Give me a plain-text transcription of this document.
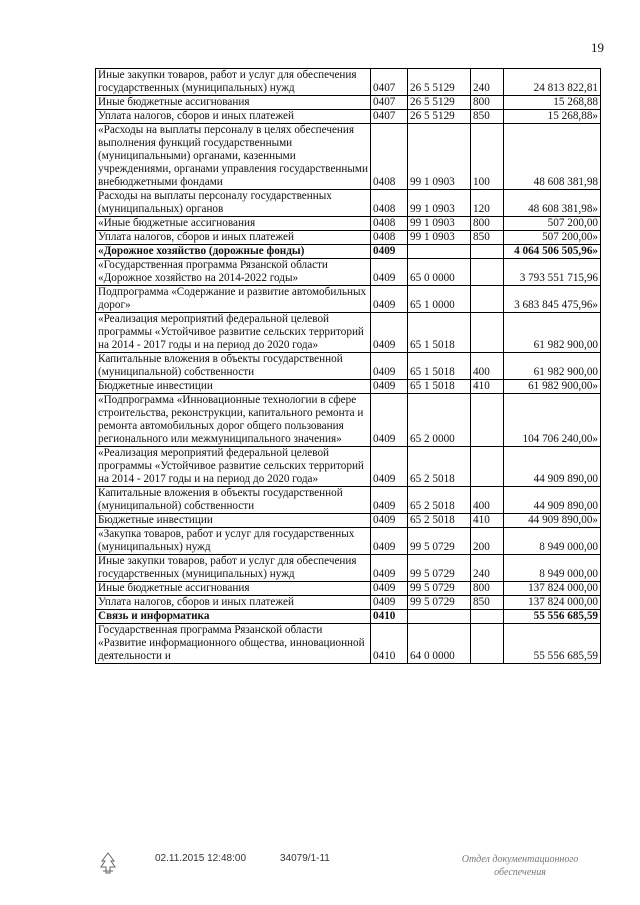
19
Иные закупки товаров, работ и услуг для обеспечения государственных (муниципальных) нужд	0407	26 5 5129	240	24 813 822,81
Иные бюджетные ассигнования	0407	26 5 5129	800	15 268,88
Уплата налогов, сборов и иных платежей	0407	26 5 5129	850	15 268,88»
«Расходы на выплаты персоналу в целях обеспечения выполнения функций государственными (муниципальными) органами, казенными учреждениями, органами управления государственными внебюджетными фондами	0408	99 1 0903	100	48 608 381,98
Расходы на выплаты персоналу государственных (муниципальных) органов	0408	99 1 0903	120	48 608 381,98»
«Иные бюджетные ассигнования	0408	99 1 0903	800	507 200,00
Уплата налогов, сборов и иных платежей	0408	99 1 0903	850	507 200,00»
«Дорожное хозяйство (дорожные фонды)	0409			4 064 506 505,96»
«Государственная программа Рязанской области «Дорожное хозяйство на 2014-2022 годы»	0409	65 0 0000		3 793 551 715,96
Подпрограмма «Содержание и развитие автомобильных дорог»	0409	65 1 0000		3 683 845 475,96»
«Реализация мероприятий федеральной целевой программы «Устойчивое развитие сельских территорий на 2014 - 2017 годы и на период до 2020 года»	0409	65 1 5018		61 982 900,00
Капитальные вложения в объекты государственной (муниципальной) собственности	0409	65 1 5018	400	61 982 900,00
Бюджетные инвестиции	0409	65 1 5018	410	61 982 900,00»
«Подпрограмма «Инновационные технологии в сфере строительства, реконструкции, капитального ремонта и ремонта автомобильных дорог общего пользования регионального или межмуниципального значения»	0409	65 2 0000		104 706 240,00»
«Реализация мероприятий федеральной целевой программы «Устойчивое развитие сельских территорий на 2014 - 2017 годы и на период до 2020 года»	0409	65 2 5018		44 909 890,00
Капитальные вложения в объекты государственной (муниципальной) собственности	0409	65 2 5018	400	44 909 890,00
Бюджетные инвестиции	0409	65 2 5018	410	44 909 890,00»
«Закупка товаров, работ и услуг для государственных (муниципальных) нужд	0409	99 5 0729	200	8 949 000,00
Иные закупки товаров, работ и услуг для обеспечения государственных (муниципальных) нужд	0409	99 5 0729	240	8 949 000,00
Иные бюджетные ассигнования	0409	99 5 0729	800	137 824 000,00
Уплата налогов, сборов и иных платежей	0409	99 5 0729	850	137 824 000,00
Связь и информатика	0410			55 556 685,59
Государственная программа Рязанской области «Развитие информационного общества, инновационной деятельности и	0410	64 0 0000		55 556 685,59
02.11.2015 12:48:00	34079/1-11	Отдел документационного
обеспечения
